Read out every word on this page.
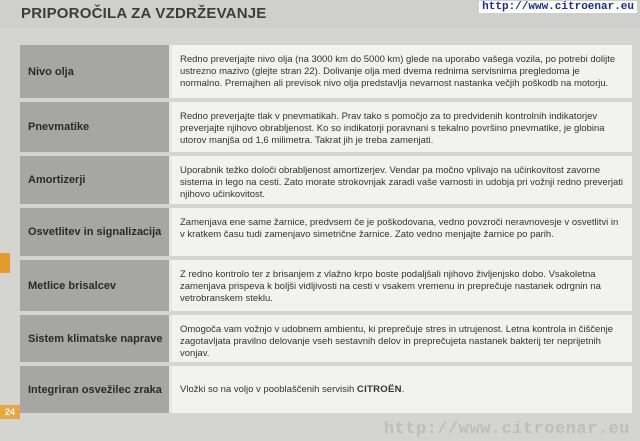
PRIPOROČILA ZA VZDRŽEVANJE	http://www.citroenar.eu
Nivo olja
Redno preverjajte nivo olja (na 3000 km do 5000 km) glede na uporabo vašega vozila, po potrebi dolijte ustrezno mazivo (glejte stran 22). Dolivanje olja med dvema rednima servisnima pregledoma je normalno. Premajhen ali previsok nivo olja predstavlja nevarnost nastanka večjih poškodb na motorju.
Pnevmatike
Redno preverjajte tlak v pnevmatikah. Prav tako s pomočjo za to predvidenih kontrolnih indikatorjev preverjajte njihovo obrabljenost. Ko so indikatorji poravnani s tekalno površino pnevmatike, je globina utorov manjša od 1,6 milimetra. Takrat jih je treba zamenjati.
Amortizerji
Uporabnik težko določi obrabljenost amortizerjev. Vendar pa močno vplivajo na učinkovitost zavorne sistema in lego na cesti. Zato morate strokovnjak zaradi vaše varnosti in udobja pri vožnji redno preverjati njihovo učinkovitost.
Osvetlitev in signalizacija
Zamenjava ene same žarnice, predvsem če je poškodovana, vedno povzroči neravnovesje v osvetlitvi in v kratkem času tudi zamenjavo simetrične žarnice. Zato vedno menjajte žarnice po parih.
Metlice brisalcev
Z redno kontrolo ter z brisanjem z vlažno krpo boste podaljšali njihovo življenjsko dobo. Vsakoletna zamenjava prispeva k boljši vidljivosti na cesti v vsakem vremenu in preprečuje nastanek odrgnin na vetrobranskem steklu.
Sistem klimatske naprave
Omogoča vam vožnjo v udobnem ambientu, ki preprečuje stres in utrujenost. Letna kontrola in čiščenje zagotavljata pravilno delovanje vseh sestavnih delov in preprečujeta nastanek bakterij ter neprijetnih vonjav.
Integriran osvežilec zraka	Vložki so na voljo v pooblaščenih servisih CITROËN.
24
http://www.citroenar.eu
